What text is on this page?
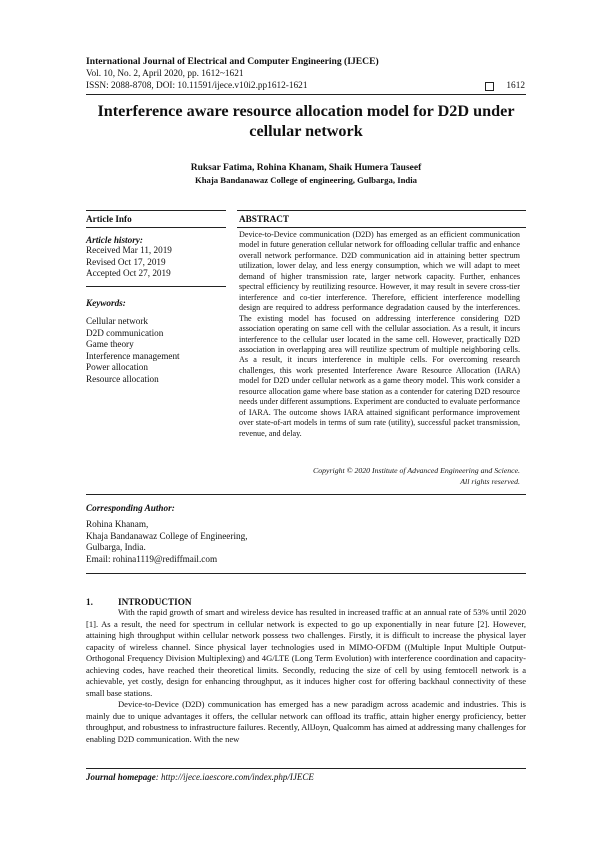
International Journal of Electrical and Computer Engineering (IJECE)
Vol. 10, No. 2, April 2020, pp. 1612~1621
ISSN: 2088-8708, DOI: 10.11591/ijece.v10i2.pp1612-1621	1612
Interference aware resource allocation model for D2D under
cellular network
Ruksar Fatima, Rohina Khanam, Shaik Humera Tauseef
Khaja Bandanawaz College of engineering, Gulbarga, India
Article Info	ABSTRACT
Article history:
Received Mar 11, 2019
Revised Oct 17, 2019
Accepted Oct 27, 2019
Keywords:
Cellular network
D2D communication
Game theory
Interference management
Power allocation
Resource allocation
Device-to-Device communication (D2D) has emerged as an efficient communication model in future generation cellular network for offloading cellular traffic and enhance overall network performance. D2D communication aid in attaining better spectrum utilization, lower delay, and less energy consumption, which we will adapt to meet demand of higher transmission rate, larger network capacity. Further, enhances spectral efficiency by reutilizing resource. However, it may result in severe cross-tier interference and co-tier interference. Therefore, efficient interference modelling design are required to address performance degradation caused by the interferences. The existing model has focused on addressing interference considering D2D association operating on same cell with the cellular association. As a result, it incurs interference to the cellular user located in the same cell. However, practically D2D association in overlapping area will reutilize spectrum of multiple neighboring cells. As a result, it incurs interference in multiple cells. For overcoming research challenges, this work presented Interference Aware Resource Allocation (IARA) model for D2D under cellular network as a game theory model. This work consider a resource allocation game where base station as a contender for catering D2D resource needs under different assumptions. Experiment are conducted to evaluate performance of IARA. The outcome shows IARA attained significant performance improvement over state-of-art models in terms of sum rate (utility), successful packet transmission, revenue, and delay.
Copyright © 2020 Institute of Advanced Engineering and Science.
All rights reserved.
Corresponding Author:
Rohina Khanam,
Khaja Bandanawaz College of Engineering,
Gulbarga, India.
Email: rohina1119@rediffmail.com
1.	INTRODUCTION

With the rapid growth of smart and wireless device has resulted in increased traffic at an annual rate of 53% until 2020 [1]. As a result, the need for spectrum in cellular network is expected to go up exponentially in near future [2]. However, attaining high throughput within cellular network possess two challenges. Firstly, it is difficult to increase the physical layer capacity of wireless channel. Since physical layer technologies used in MIMO-OFDM ((Multiple Input Multiple Output-Orthogonal Frequency Division Multiplexing) and 4G/LTE (Long Term Evolution) with interference coordination and capacity-achieving codes, have reached their theoretical limits. Secondly, reducing the size of cell by using femtocell network is a achievable, yet costly, design for enhancing throughput, as it induces higher cost for offering backhaul connectivity of these small base stations.

Device-to-Device (D2D) communication has emerged has a new paradigm across academic and industries. This is mainly due to unique advantages it offers, the cellular network can offload its traffic, attain higher energy proficiency, better throughput, and robustness to infrastructure failures. Recently, AllJoyn, Qualcomm has aimed at addressing many challenges for enabling D2D communication. With the new

Journal homepage: http://ijece.iaescore.com/index.php/IJECE
